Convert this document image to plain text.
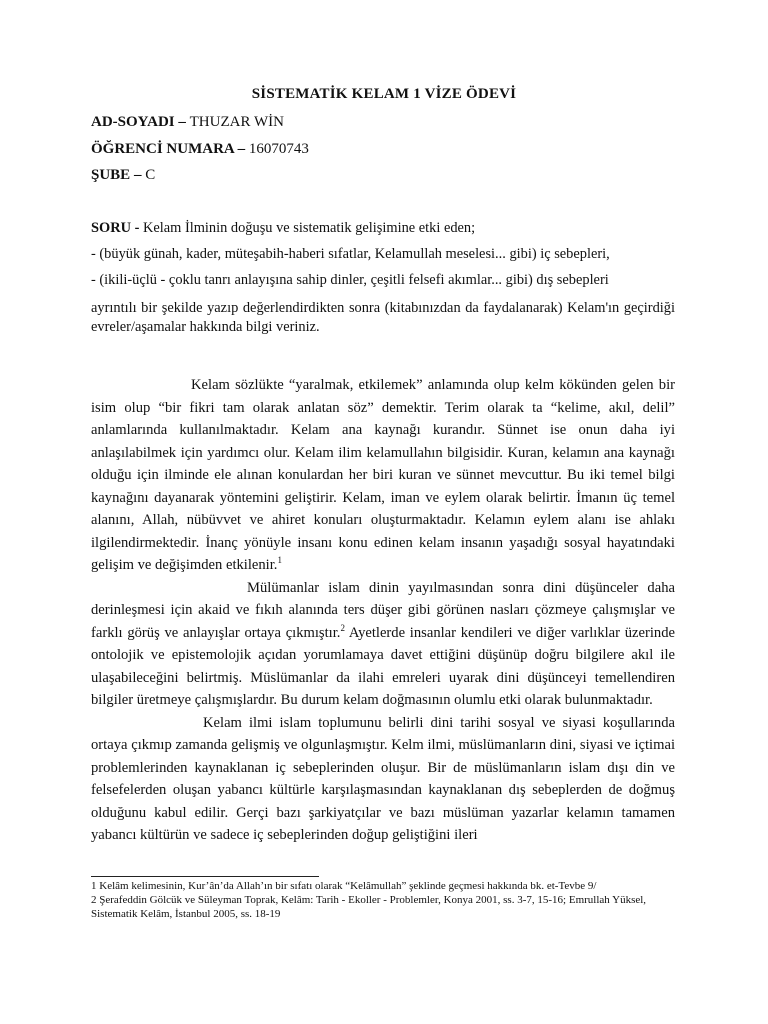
SİSTEMATİK KELAM 1 VİZE ÖDEVİ
AD-SOYADI – THUZAR WİN
ÖĞRENCİ NUMARA – 16070743
ŞUBE – C
SORU - Kelam İlminin doğuşu ve sistematik gelişimine etki eden;
- (büyük günah, kader, müteşabih-haberi sıfatlar, Kelamullah meselesi... gibi) iç sebepleri,
- (ikili-üçlü - çoklu tanrı anlayışına sahip dinler, çeşitli felsefi akımlar... gibi) dış sebepleri
ayrıntılı bir şekilde yazıp değerlendirdikten sonra (kitabınızdan da faydalanarak) Kelam'ın geçirdiği evreler/aşamalar hakkında bilgi veriniz.

Kelam sözlükte “yaralmak, etkilemek” anlamında olup kelm kökünden gelen bir isim olup “bir fikri tam olarak anlatan söz” demektir. Terim olarak ta “kelime, akıl, delil” anlamlarında kullanılmaktadır. Kelam ana kaynağı kurandır. Sünnet ise onun daha iyi anlaşılabilmek için yardımcı olur. Kelam ilim kelamullahın bilgisidir. Kuran, kelamın ana kaynağı olduğu için ilminde ele alınan konulardan her biri kuran ve sünnet mevcuttur. Bu iki temel bilgi kaynağını dayanarak yöntemini geliştirir. Kelam, iman ve eylem olarak belirtir. İmanın üç temel alanını, Allah, nübüvvet ve ahiret konuları oluşturmaktadır. Kelamın eylem alanı ise ahlakı ilgilendirmektedir. İnanç yönüyle insanı konu edinen kelam insanın yaşadığı sosyal hayatındaki gelişim ve değişimden etkilenir.$^1$

Mülümanlar islam dinin yayılmasından sonra dini düşünceler daha derinleşmesi için akaid ve fıkıh alanında ters düşer gibi görünen nasları çözmeye çalışmışlar ve farklı görüş ve anlayışlar ortaya çıkmıştır.$^2$ Ayetlerde insanlar kendileri ve diğer varlıklar üzerinde ontolojik ve epistemolojik açıdan yorumlamaya davet ettiğini düşünüp doğru bilgilere akıl ile ulaşabileceğini belirtmiş. Müslümanlar da ilahi emreleri uyarak dini düşünceyi temellendiren bilgiler üretmeye çalışmışlardır. Bu durum kelam doğmasının olumlu etki olarak bulunmaktadır.

Kelam ilmi islam toplumunu belirli dini tarihi sosyal ve siyasi koşullarında ortaya çıkmıp zamanda gelişmiş ve olgunlaşmıştır. Kelm ilmi, müslümanların dini, siyasi ve içtimai problemlerinden kaynaklanan iç sebeplerinden oluşur. Bir de müslümanların islam dışı din ve felsefelerden oluşan yabancı kültürle karşılaşmasından kaynaklanan dış sebeplerden de doğmuş olduğunu kabul edilir. Gerçi bazı şarkiyatçılar ve bazı müslüman yazarlar kelamın tamamen yabancı kültürün ve sadece iç sebeplerinden doğup geliştiğini ileri

1 Kelâm kelimesinin, Kur’ân’da Allah’ın bir sıfatı olarak “Kelâmullah” şeklinde geçmesi hakkında bk. et-Tevbe 9/
2 Şerafeddin Gölcük ve Süleyman Toprak, Kelâm: Tarih - Ekoller - Problemler, Konya 2001, ss. 3-7, 15-16; Emrullah Yüksel, Sistematik Kelâm, İstanbul 2005, ss. 18-19
